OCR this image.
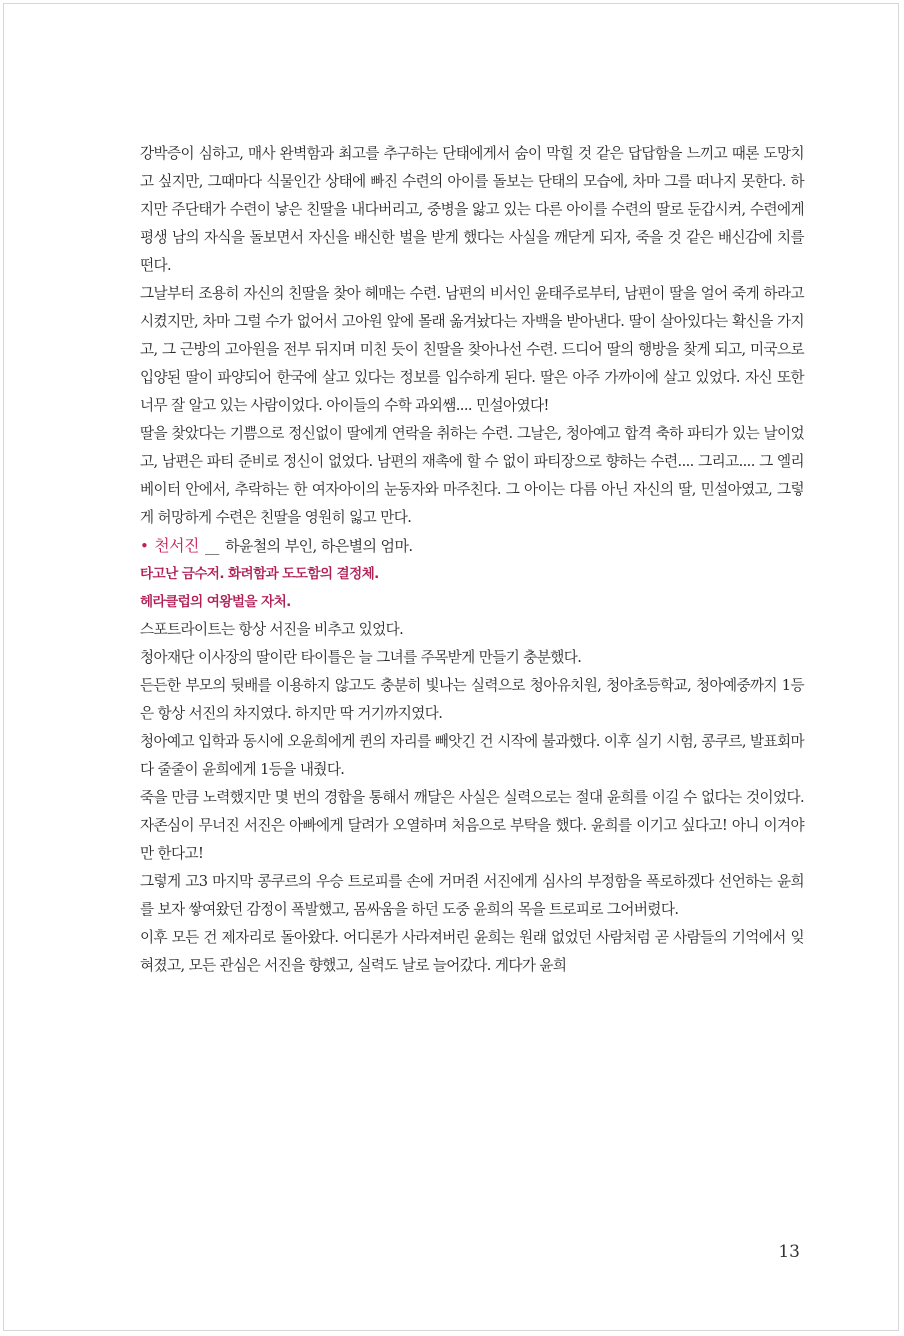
강박증이 심하고, 매사 완벽함과 최고를 추구하는 단태에게서 숨이 막힐 것 같은 답답함을 느끼고 때론 도망치고 싶지만, 그때마다 식물인간 상태에 빠진 수련의 아이를 돌보는 단태의 모습에, 차마 그를 떠나지 못한다. 하지만 주단태가 수련이 낳은 친딸을 내다버리고, 중병을 앓고 있는 다른 아이를 수련의 딸로 둔갑시켜, 수련에게 평생 남의 자식을 돌보면서 자신을 배신한 벌을 받게 했다는 사실을 깨닫게 되자, 죽을 것 같은 배신감에 치를 떤다.

그날부터 조용히 자신의 친딸을 찾아 헤매는 수련. 남편의 비서인 윤태주로부터, 남편이 딸을 얼어 죽게 하라고 시켰지만, 차마 그럴 수가 없어서 고아원 앞에 몰래 옮겨놨다는 자백을 받아낸다. 딸이 살아있다는 확신을 가지고, 그 근방의 고아원을 전부 뒤지며 미친 듯이 친딸을 찾아나선 수련. 드디어 딸의 행방을 찾게 되고, 미국으로 입양된 딸이 파양되어 한국에 살고 있다는 정보를 입수하게 된다. 딸은 아주 가까이에 살고 있었다. 자신 또한 너무 잘 알고 있는 사람이었다. 아이들의 수학 과외쌤.... 민설아였다!

딸을 찾았다는 기쁨으로 정신없이 딸에게 연락을 취하는 수련. 그날은, 청아예고 합격 축하 파티가 있는 날이었고, 남편은 파티 준비로 정신이 없었다. 남편의 재촉에 할 수 없이 파티장으로 향하는 수련.... 그리고.... 그 엘리베이터 안에서, 추락하는 한 여자아이의 눈동자와 마주친다. 그 아이는 다름 아닌 자신의 딸, 민설아였고, 그렇게 허망하게 수련은 친딸을 영원히 잃고 만다.

• 천서진 __ 하윤철의 부인, 하은별의 엄마.

타고난 금수저. 화려함과 도도함의 결정체.

헤라클럽의 여왕벌을 자처.

스포트라이트는 항상 서진을 비추고 있었다.

청아재단 이사장의 딸이란 타이틀은 늘 그녀를 주목받게 만들기 충분했다.

든든한 부모의 뒷배를 이용하지 않고도 충분히 빛나는 실력으로 청아유치원, 청아초등학교, 청아예중까지 1등은 항상 서진의 차지였다. 하지만 딱 거기까지였다.

청아예고 입학과 동시에 오윤희에게 퀸의 자리를 빼앗긴 건 시작에 불과했다. 이후 실기 시험, 콩쿠르, 발표회마다 줄줄이 윤희에게 1등을 내줬다.

죽을 만큼 노력했지만 몇 번의 경합을 통해서 깨달은 사실은 실력으로는 절대 윤희를 이길 수 없다는 것이었다. 자존심이 무너진 서진은 아빠에게 달려가 오열하며 처음으로 부탁을 했다. 윤희를 이기고 싶다고! 아니 이겨야만 한다고!

그렇게 고3 마지막 콩쿠르의 우승 트로피를 손에 거머쥔 서진에게 심사의 부정함을 폭로하겠다 선언하는 윤희를 보자 쌓여왔던 감정이 폭발했고, 몸싸움을 하던 도중 윤희의 목을 트로피로 그어버렸다.

이후 모든 건 제자리로 돌아왔다. 어디론가 사라져버린 윤희는 원래 없었던 사람처럼 곧 사람들의 기억에서 잊혀졌고, 모든 관심은 서진을 향했고, 실력도 날로 늘어갔다. 게다가 윤희

13
